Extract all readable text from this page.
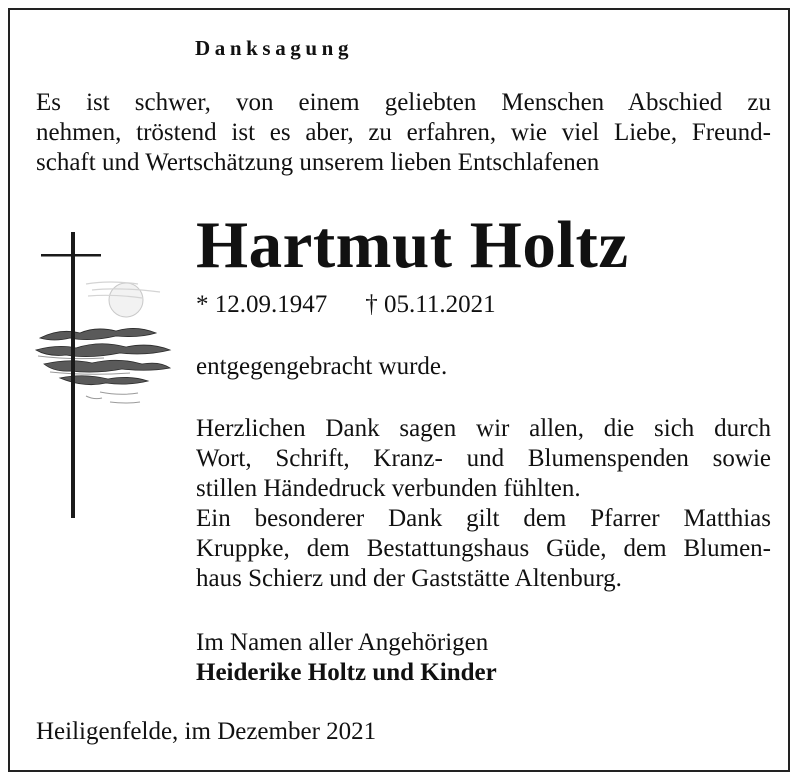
Danksagung
Es ist schwer, von einem geliebten Menschen Abschied zu
nehmen, tröstend ist es aber, zu erfahren, wie viel Liebe, Freund-
schaft und Wertschätzung unserem lieben Entschlafenen
Hartmut Holtz
* 12.09.1947 † 05.11.2021
entgegengebracht wurde.
Herzlichen Dank sagen wir allen, die sich durch
Wort, Schrift, Kranz- und Blumenspenden sowie
stillen Händedruck verbunden fühlten.
Ein besonderer Dank gilt dem Pfarrer Matthias
Kruppke, dem Bestattungshaus Güde, dem Blumen-
haus Schierz und der Gaststätte Altenburg.
Im Namen aller Angehörigen
Heiderike Holtz und Kinder
Heiligenfelde, im Dezember 2021
